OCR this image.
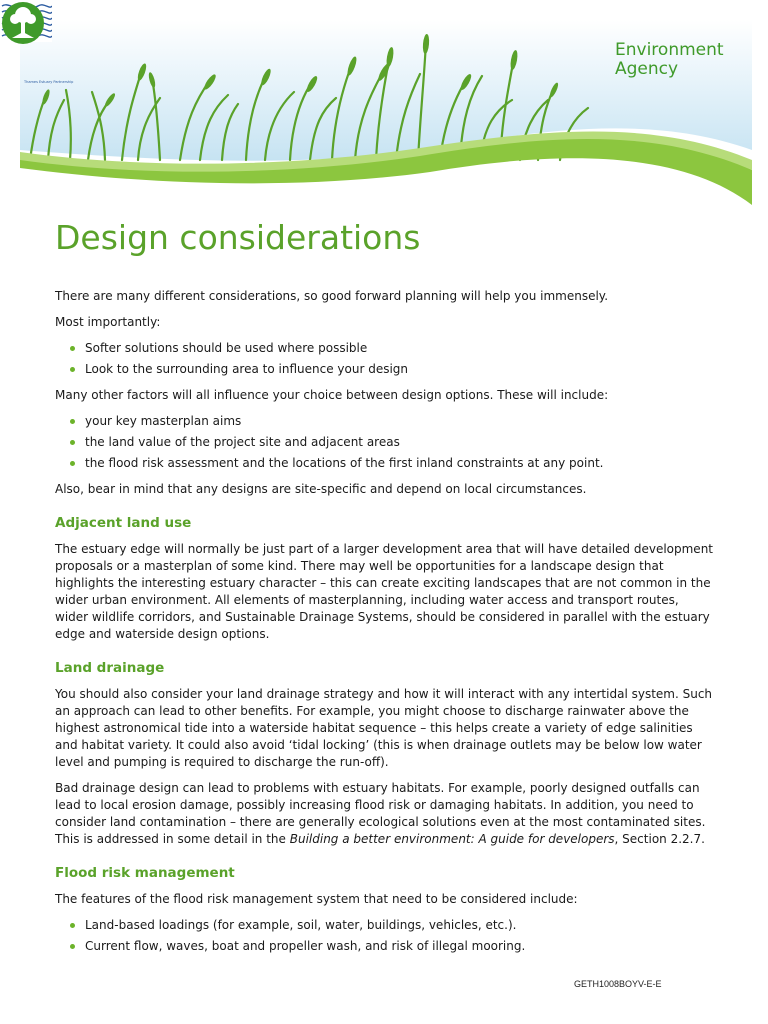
Thames Estuary Partnership
Environment
Agency
Design considerations

There are many different considerations, so good forward planning will help you immensely.

Most importantly:

Softer solutions should be used where possible
Look to the surrounding area to influence your design

Many other factors will all influence your choice between design options. These will include:

your key masterplan aims
the land value of the project site and adjacent areas
the flood risk assessment and the locations of the first inland constraints at any point.

Also, bear in mind that any designs are site-specific and depend on local circumstances.

Adjacent land use

The estuary edge will normally be just part of a larger development area that will have detailed development proposals or a masterplan of some kind. There may well be opportunities for a landscape design that highlights the interesting estuary character – this can create exciting landscapes that are not common in the wider urban environment. All elements of masterplanning, including water access and transport routes, wider wildlife corridors, and Sustainable Drainage Systems, should be considered in parallel with the estuary edge and waterside design options.

Land drainage

You should also consider your land drainage strategy and how it will interact with any intertidal system. Such an approach can lead to other benefits. For example, you might choose to discharge rainwater above the highest astronomical tide into a waterside habitat sequence – this helps create a variety of edge salinities and habitat variety. It could also avoid ‘tidal locking’ (this is when drainage outlets may be below low water level and pumping is required to discharge the run-off).

Bad drainage design can lead to problems with estuary habitats. For example, poorly designed outfalls can lead to local erosion damage, possibly increasing flood risk or damaging habitats. In addition, you need to consider land contamination – there are generally ecological solutions even at the most contaminated sites. This is addressed in some detail in the Building a better environment: A guide for developers, Section 2.2.7.

Flood risk management

The features of the flood risk management system that need to be considered include:

Land-based loadings (for example, soil, water, buildings, vehicles, etc.).
Current flow, waves, boat and propeller wash, and risk of illegal mooring.
GETH1008BOYV-E-E
